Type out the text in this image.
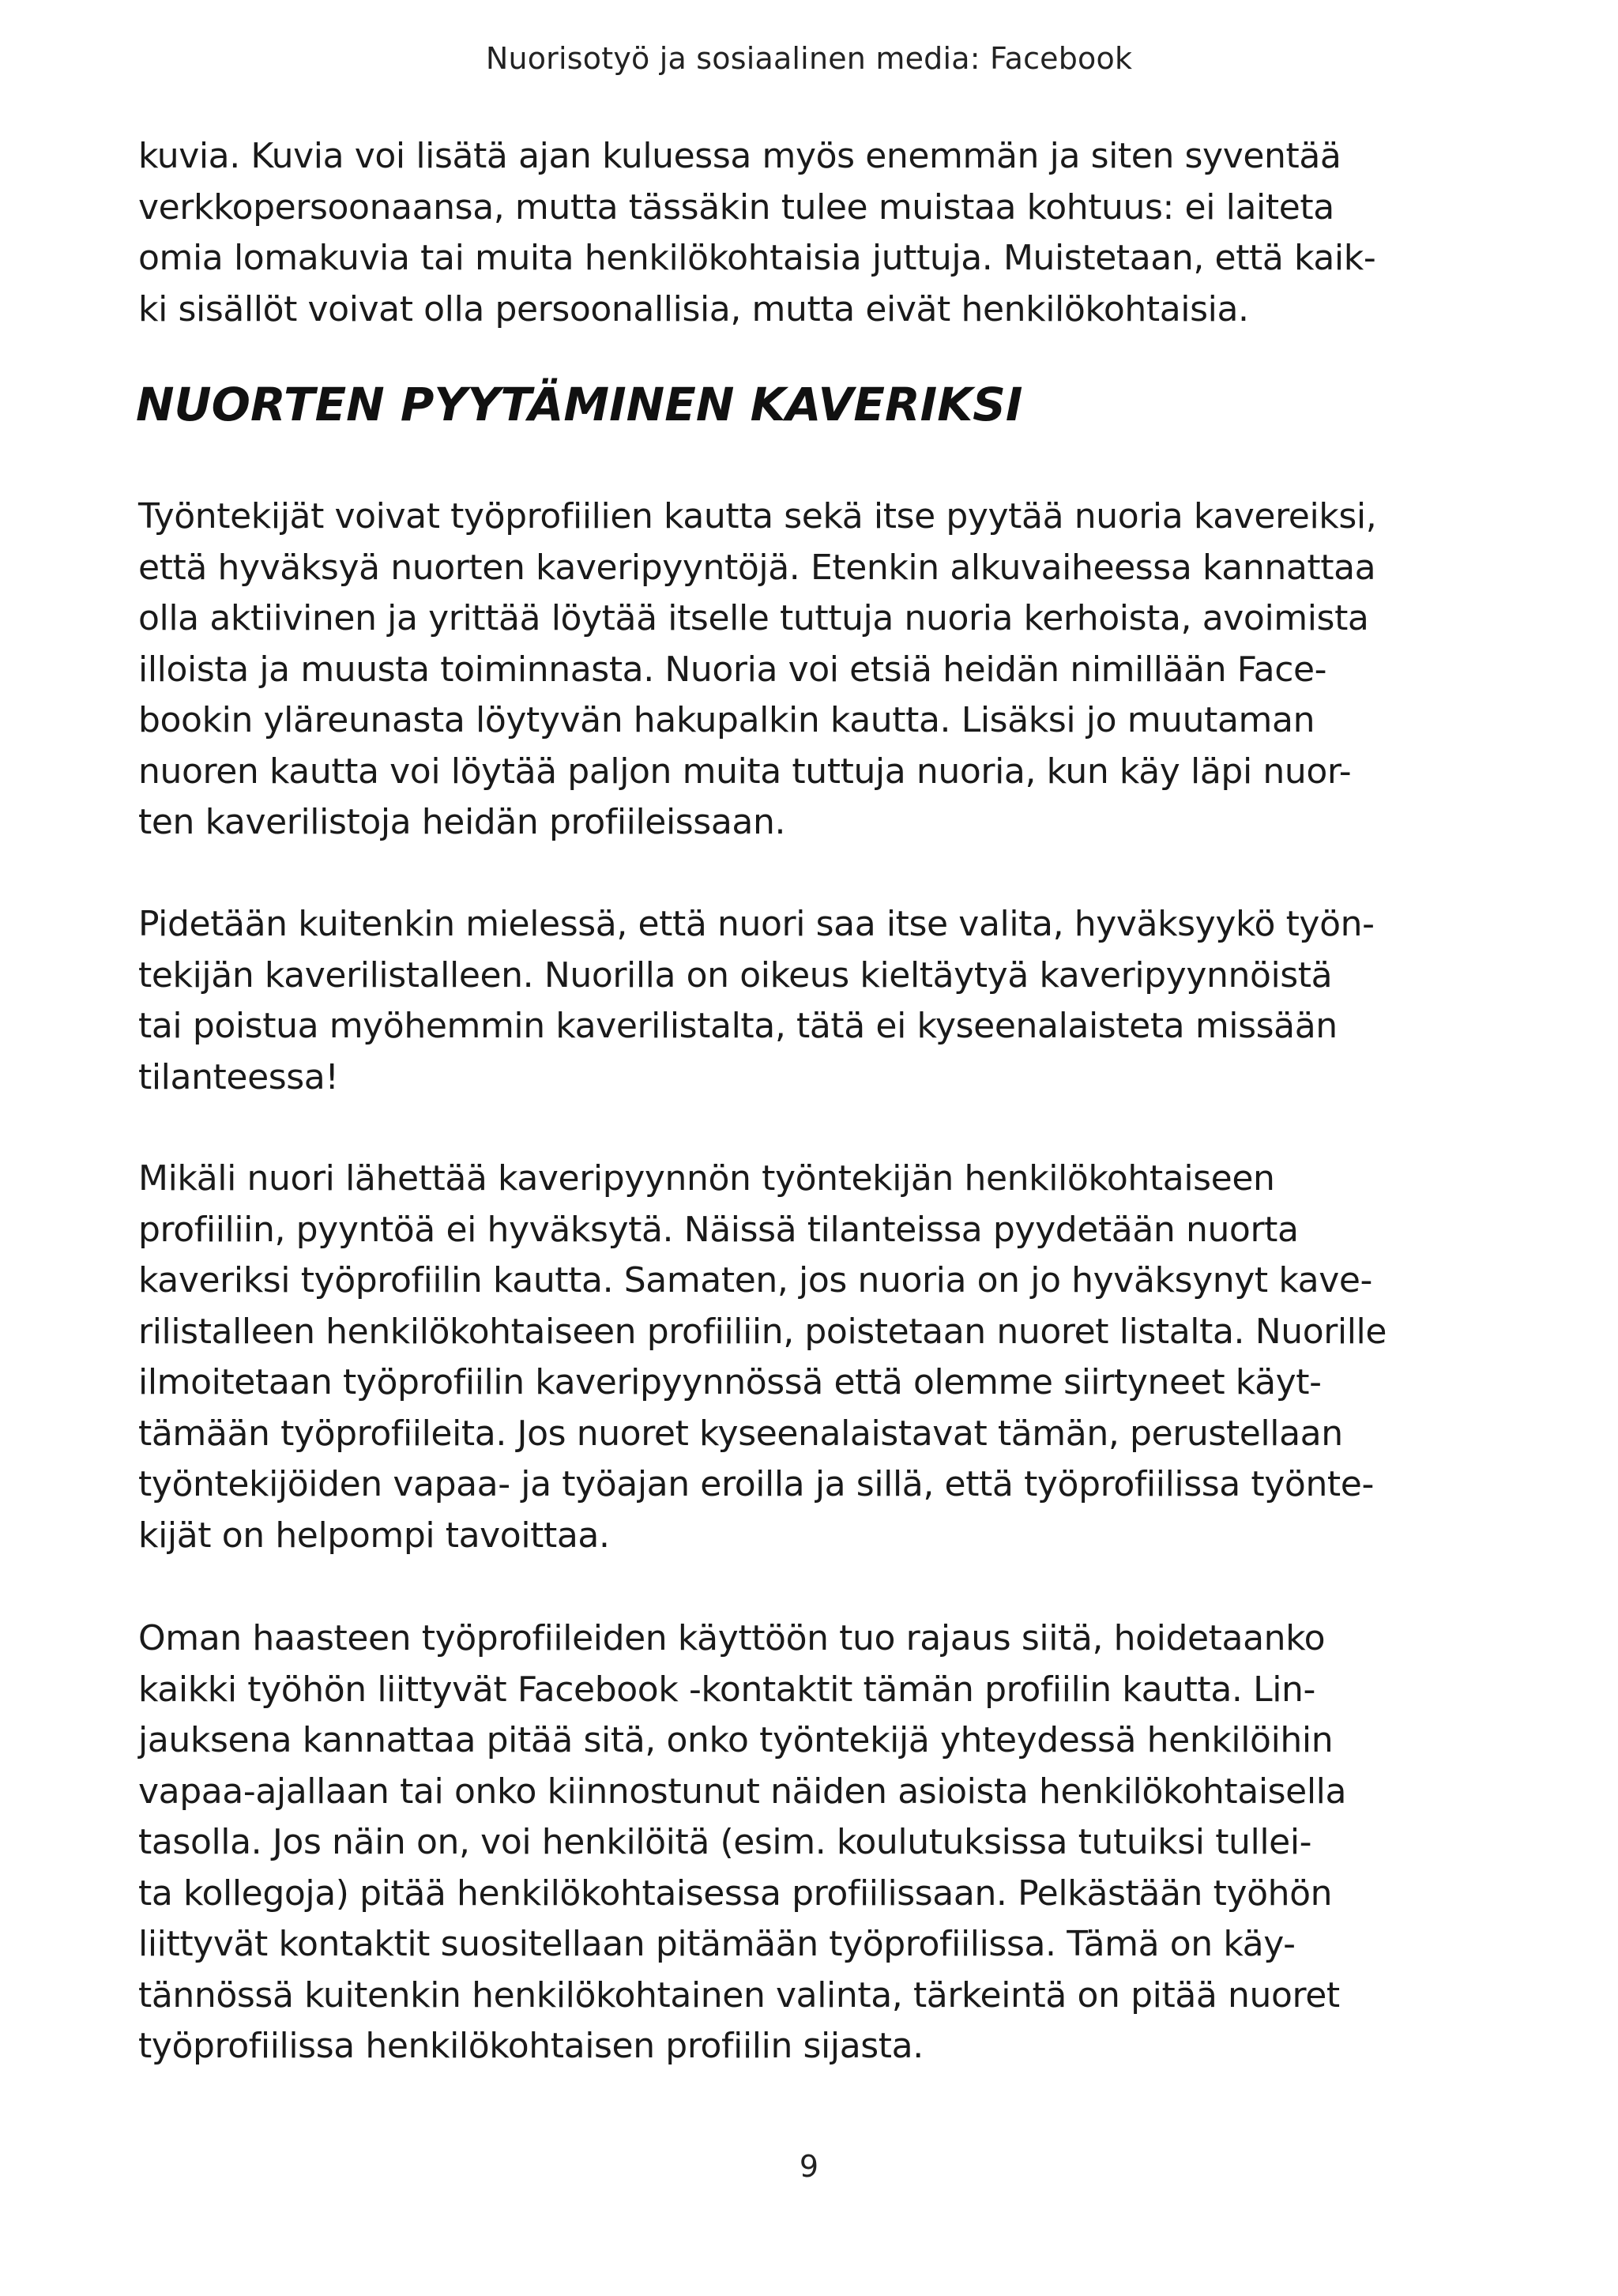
Nuorisotyö ja sosiaalinen media: Facebook
kuvia. Kuvia voi lisätä ajan kuluessa myös enemmän ja siten syventää
verkkopersoonaansa, mutta tässäkin tulee muistaa kohtuus: ei laiteta
omia lomakuvia tai muita henkilökohtaisia juttuja. Muistetaan, että kaik-
ki sisällöt voivat olla persoonallisia, mutta eivät henkilökohtaisia.
NUORTEN PYYTÄMINEN KAVERIKSI
Työntekijät voivat työprofiilien kautta sekä itse pyytää nuoria kavereiksi,
että hyväksyä nuorten kaveripyyntöjä. Etenkin alkuvaiheessa kannattaa
olla aktiivinen ja yrittää löytää itselle tuttuja nuoria kerhoista, avoimista
illoista ja muusta toiminnasta. Nuoria voi etsiä heidän nimillään Face-
bookin yläreunasta löytyvän hakupalkin kautta. Lisäksi jo muutaman
nuoren kautta voi löytää paljon muita tuttuja nuoria, kun käy läpi nuor-
ten kaverilistoja heidän profiileissaan.
Pidetään kuitenkin mielessä, että nuori saa itse valita, hyväksyykö työn-
tekijän kaverilistalleen. Nuorilla on oikeus kieltäytyä kaveripyynnöistä
tai poistua myöhemmin kaverilistalta, tätä ei kyseenalaisteta missään
tilanteessa!
Mikäli nuori lähettää kaveripyynnön työntekijän henkilökohtaiseen
profiiliin, pyyntöä ei hyväksytä. Näissä tilanteissa pyydetään nuorta
kaveriksi työprofiilin kautta. Samaten, jos nuoria on jo hyväksynyt kave-
rilistalleen henkilökohtaiseen profiiliin, poistetaan nuoret listalta. Nuorille
ilmoitetaan työprofiilin kaveripyynnössä että olemme siirtyneet käyt-
tämään työprofiileita. Jos nuoret kyseenalaistavat tämän, perustellaan
työntekijöiden vapaa- ja työajan eroilla ja sillä, että työprofiilissa työnte-
kijät on helpompi tavoittaa.
Oman haasteen työprofiileiden käyttöön tuo rajaus siitä, hoidetaanko
kaikki työhön liittyvät Facebook -kontaktit tämän profiilin kautta. Lin-
jauksena kannattaa pitää sitä, onko työntekijä yhteydessä henkilöihin
vapaa-ajallaan tai onko kiinnostunut näiden asioista henkilökohtaisella
tasolla. Jos näin on, voi henkilöitä (esim. koulutuksissa tutuiksi tullei-
ta kollegoja) pitää henkilökohtaisessa profiilissaan. Pelkästään työhön
liittyvät kontaktit suositellaan pitämään työprofiilissa. Tämä on käy-
tännössä kuitenkin henkilökohtainen valinta, tärkeintä on pitää nuoret
työprofiilissa henkilökohtaisen profiilin sijasta.
9
